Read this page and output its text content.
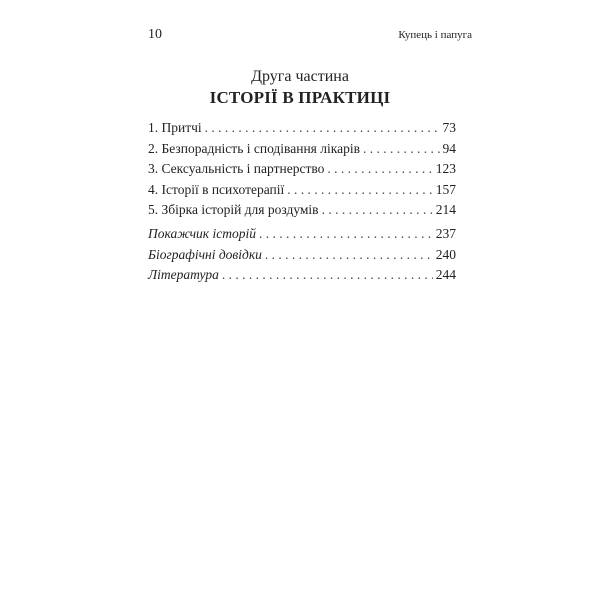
10	Купець і папуга
Друга частина
ІСТОРІЇ В ПРАКТИЦІ
1. Притчі . . .	73
2. Безпорадність і сподівання лікарів . . .	94
3. Сексуальність і партнерство . . .	123
4. Історії в психотерапії . . .	157
5. Збірка історій для роздумів . . .	214
Покажчик історій . . .	237
Біографічні довідки . . .	240
Література . . .	244
